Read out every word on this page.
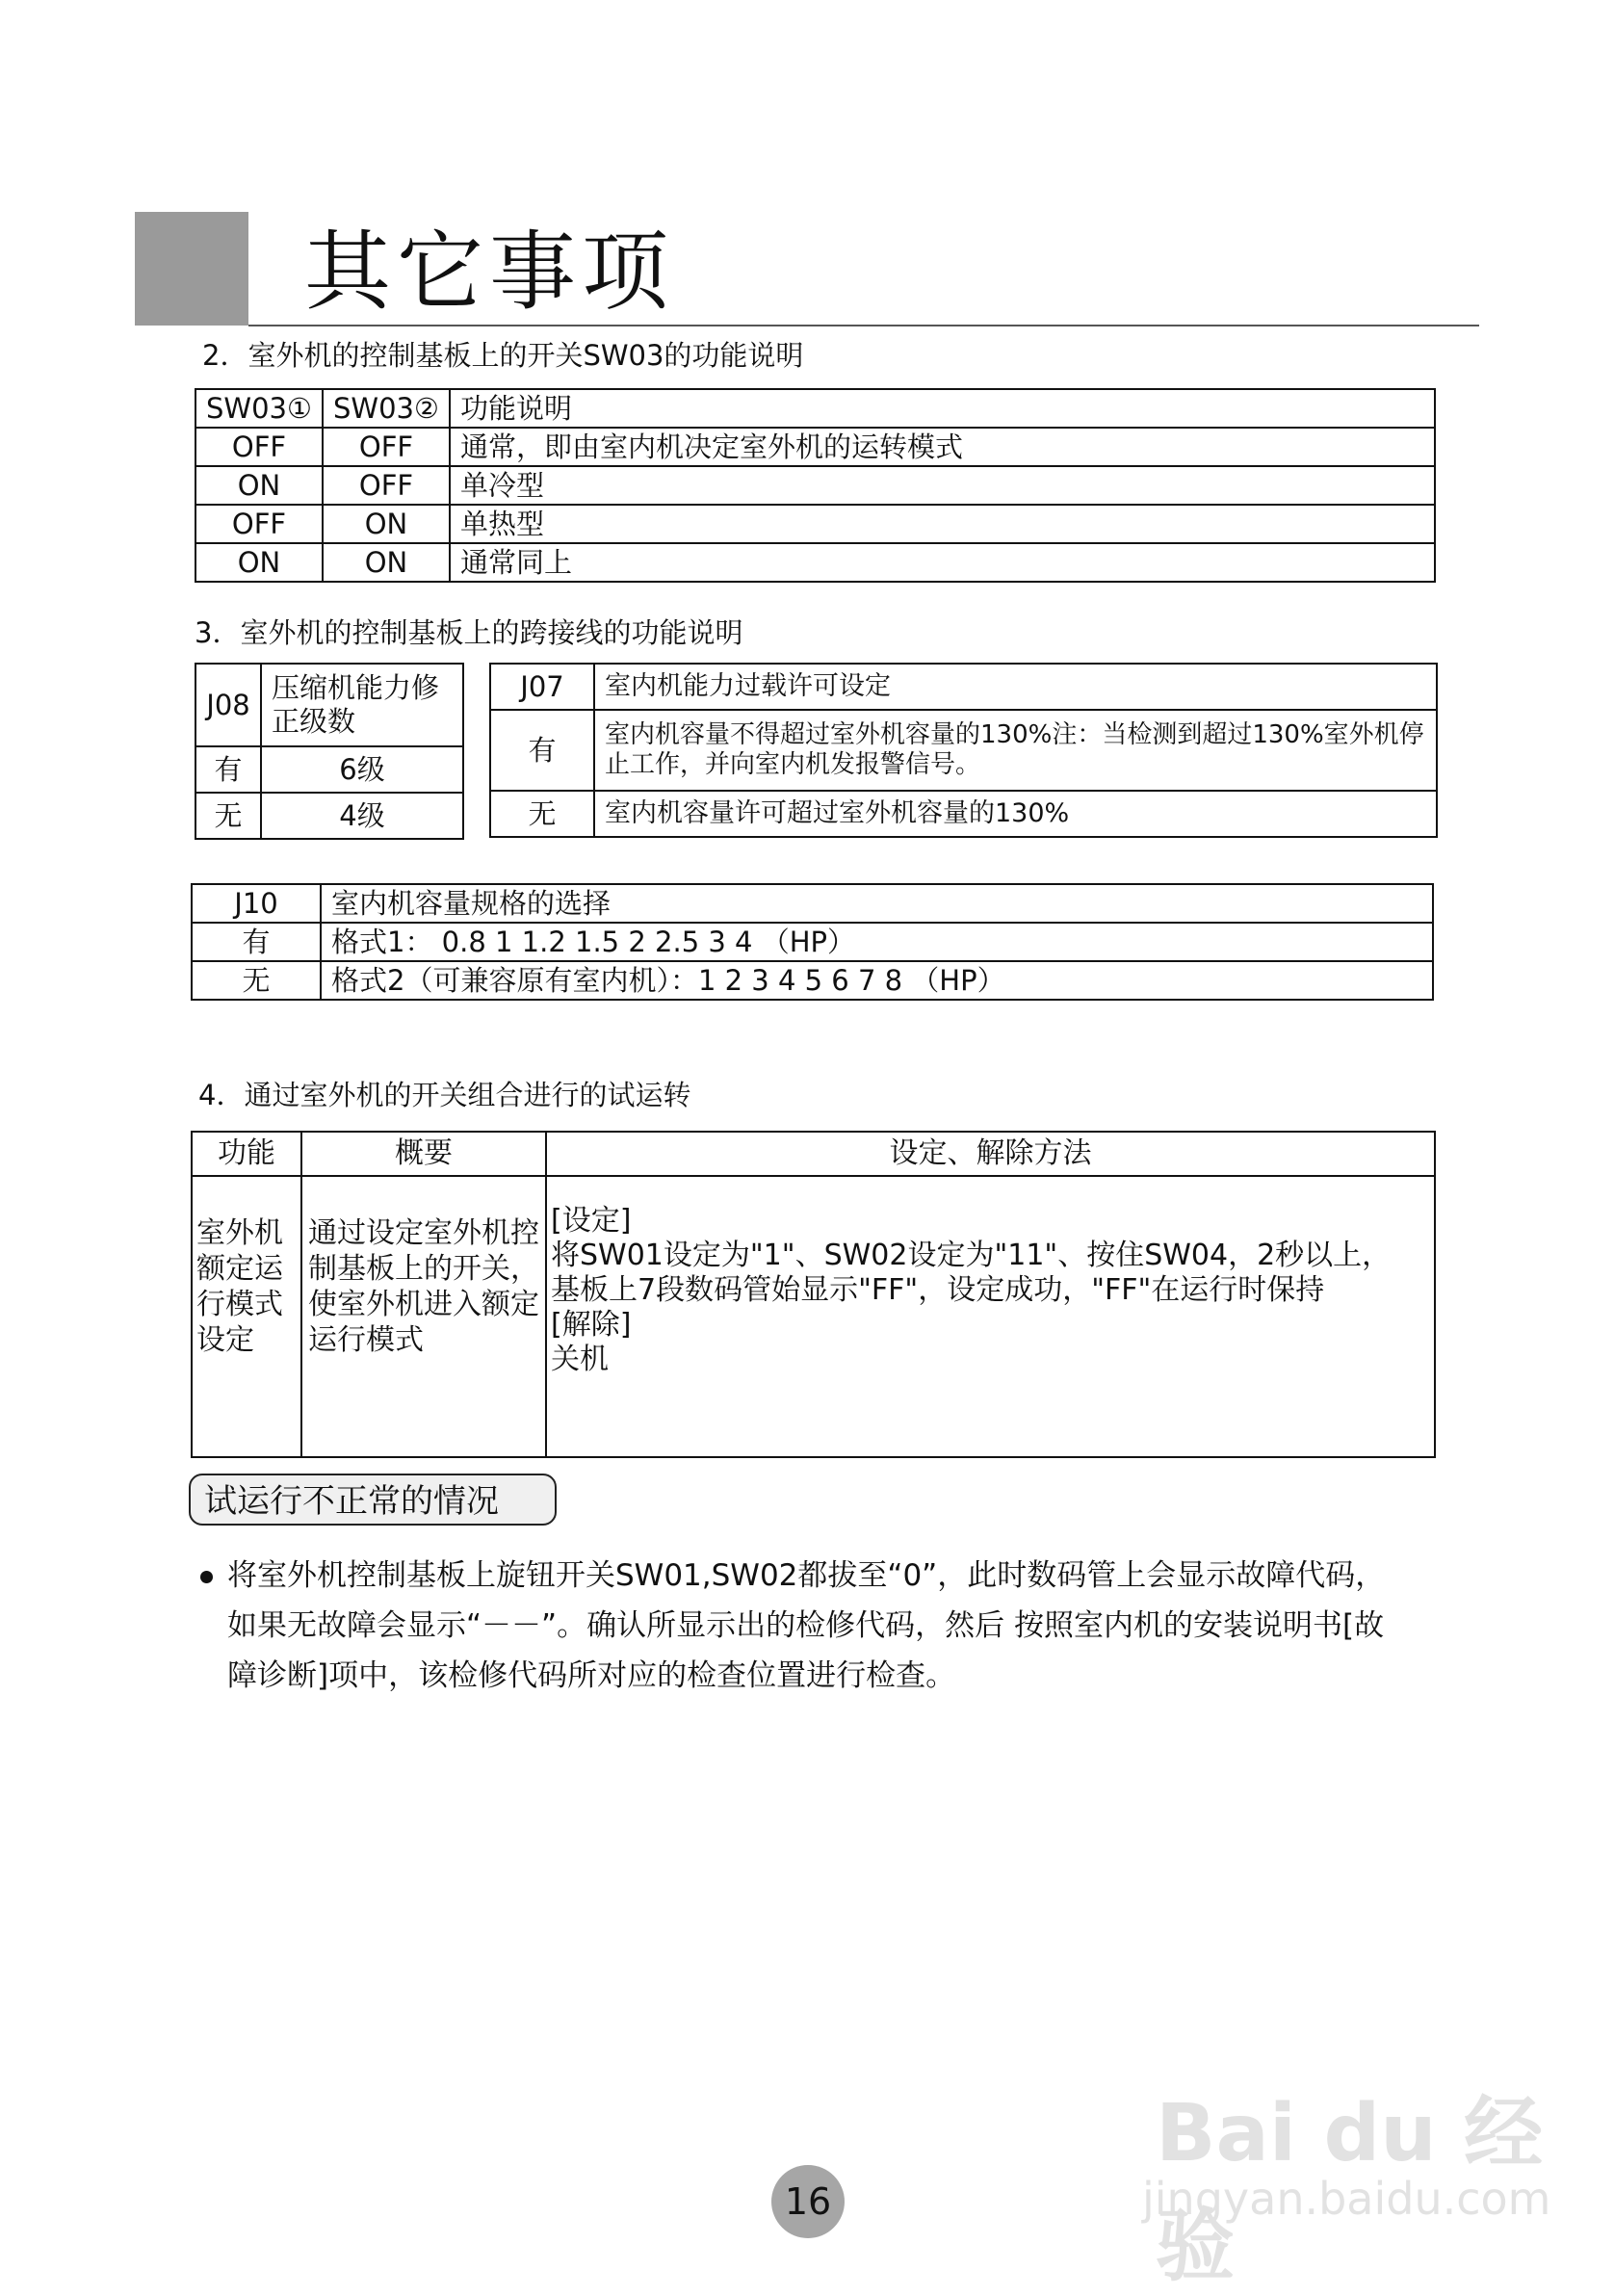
其它事项
2．室外机的控制基板上的开关SW03的功能说明
SW03①	SW03②	功能说明
OFF	OFF	通常，即由室内机决定室外机的运转模式
ON	OFF	单冷型
OFF	ON	单热型
ON	ON	通常同上
3．室外机的控制基板上的跨接线的功能说明
J08	压缩机能力修正级数
有	6级
无	4级
J07	室内机能力过载许可设定
有	室内机容量不得超过室外机容量的130%注：当检测到超过130%室外机停止工作，并向室内机发报警信号。
无	室内机容量许可超过室外机容量的130%
J10	室内机容量规格的选择
有	格式1： 0.8 1 1.2 1.5 2 2.5 3 4 （HP）
无	格式2（可兼容原有室内机）：1 2 3 4 5 6 7 8 （HP）
4．通过室外机的开关组合进行的试运转
功能	概要	设定、解除方法
室外机额定运行模式设定	通过设定室外机控制基板上的开关，使室外机进入额定运行模式	[设定]
将SW01设定为"1"、SW02设定为"11"、按住SW04，2秒以上，
基板上7段数码管始显示"FF"，设定成功，"FF"在运行时保持
[解除]
关机
试运行不正常的情况
将室外机控制基板上旋钮开关SW01,SW02都拔至“0”，此时数码管上会显示故障代码，如果无故障会显示“－－”。确认所显示出的检修代码，然后 按照室内机的安装说明书[故障诊断]项中，该检修代码所对应的检查位置进行检查。
16
Bai du 经验
jingyan.baidu.com
